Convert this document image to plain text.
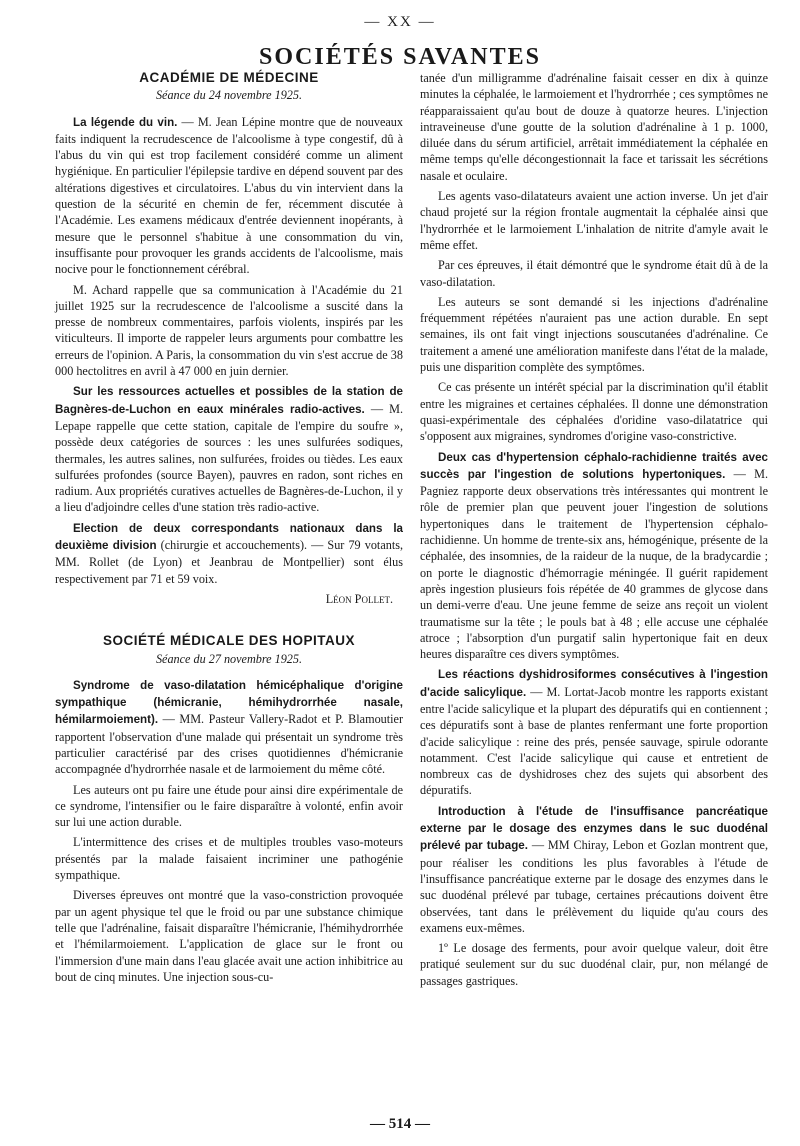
— XX —
SOCIÉTÉS SAVANTES
ACADÉMIE DE MÉDECINE
Séance du 24 novembre 1925.

La légende du vin. — M. Jean Lépine montre que de nouveaux faits indiquent la recrudescence de l'alcoolisme à type congestif, dû à l'abus du vin qui est trop facilement considéré comme un aliment hygiénique. En particulier l'épilepsie tardive en dépend souvent par des altérations digestives et circulatoires. L'abus du vin intervient dans la question de la sécurité en chemin de fer, récemment discutée à l'Académie. Les examens médicaux d'entrée deviennent inopérants, à mesure que le personnel s'habitue à une consommation du vin, insuffisante pour provoquer les grands accidents de l'alcoolisme, mais nocive pour le fonctionnement cérébral.

M. Achard rappelle que sa communication à l'Académie du 21 juillet 1925 sur la recrudescence de l'alcoolisme a suscité dans la presse de nombreux commentaires, parfois violents, inspirés par les viticulteurs. Il importe de rappeler leurs arguments pour combattre les erreurs de l'opinion. A Paris, la consommation du vin s'est accrue de 38 000 hectolitres en avril à 47 000 en juin dernier.

Sur les ressources actuelles et possibles de la station de Bagnères-de-Luchon en eaux minérales radio-actives. — M. Lepape rappelle que cette station, capitale de l'empire du soufre », possède deux catégories de sources : les unes sulfurées sodiques, thermales, les autres salines, non sulfurées, froides ou tièdes. Les eaux sulfurées profondes (source Bayen), pauvres en radon, sont riches en radium. Aux propriétés curatives actuelles de Bagnères-de-Luchon, il y a lieu d'adjoindre celles d'une station très radio-active.

Election de deux correspondants nationaux dans la deuxième division (chirurgie et accouchements). — Sur 79 votants, MM. Rollet (de Lyon) et Jeanbrau de Montpellier) sont élus respectivement par 71 et 59 voix.

Léon Pollet.
SOCIÉTÉ MÉDICALE DES HOPITAUX
Séance du 27 novembre 1925.

Syndrome de vaso-dilatation hémicéphalique d'origine sympathique (hémicranie, hémihydrorrhée nasale, hémilarmoiement). — MM. Pasteur Vallery-Radot et P. Blamoutier rapportent l'observation d'une malade qui présentait un syndrome très particulier caractérisé par des crises quotidiennes d'hémicranie accompagnée d'hydrorrhée nasale et de larmoiement du même côté.

Les auteurs ont pu faire une étude pour ainsi dire expérimentale de ce syndrome, l'intensifier ou le faire disparaître à volonté, enfin avoir sur lui une action durable.

L'intermittence des crises et de multiples troubles vaso-moteurs présentés par la malade faisaient incriminer une pathogénie sympathique.

Diverses épreuves ont montré que la vaso-constriction provoquée par un agent physique tel que le froid ou par une substance chimique telle que l'adrénaline, faisait disparaître l'hémicranie, l'hémihydrorrhée et l'hémilarmoiement. L'application de glace sur le front ou l'immersion d'une main dans l'eau glacée avait une action inhibitrice au bout de cinq minutes. Une injection sous-cu-

tanée d'un milligramme d'adrénaline faisait cesser en dix à quinze minutes la céphalée, le larmoiement et l'hydrorrhée ; ces symptômes ne réapparaissaient qu'au bout de douze à quatorze heures. L'injection intraveineuse d'une goutte de la solution d'adrénaline à 1 p. 1000, diluée dans du sérum artificiel, arrêtait immédiatement la céphalée en même temps qu'elle décongestionnait la face et tarissait les sécrétions nasale et oculaire.

Les agents vaso-dilatateurs avaient une action inverse. Un jet d'air chaud projeté sur la région frontale augmentait la céphalée ainsi que l'hydrorrhée et le larmoiement L'inhalation de nitrite d'amyle avait le même effet.

Par ces épreuves, il était démontré que le syndrome était dû à de la vaso-dilatation.

Les auteurs se sont demandé si les injections d'adrénaline fréquemment répétées n'auraient pas une action durable. En sept semaines, ils ont fait vingt injections souscutanées d'adrénaline. Ce traitement a amené une amélioration manifeste dans l'état de la malade, puis une disparition complète des symptômes.

Ce cas présente un intérêt spécial par la discrimination qu'il établit entre les migraines et certaines céphalées. Il donne une démonstration quasi-expérimentale des céphalées d'oridine vaso-dilatatrice qui s'opposent aux migraines, syndromes d'origine vaso-constrictive.

Deux cas d'hypertension céphalo-rachidienne traités avec succès par l'ingestion de solutions hypertoniques. — M. Pagniez rapporte deux observations très intéressantes qui montrent le rôle de premier plan que peuvent jouer l'ingestion de solutions hypertoniques dans le traitement de l'hypertension céphalo-rachidienne. Un homme de trente-six ans, hémogénique, présente de la céphalée, des insomnies, de la raideur de la nuque, de la bradycardie ; on porte le diagnostic d'hémorragie méningée. Il guérit rapidement après ingestion plusieurs fois répétée de 40 grammes de glycose dans un demi-verre d'eau. Une jeune femme de seize ans reçoit un violent traumatisme sur la tête ; le pouls bat à 48 ; elle accuse une céphalée atroce ; l'absorption d'un purgatif salin hypertonique fait en deux heures disparaître ces divers symptômes.

Les réactions dyshidrosiformes consécutives à l'ingestion d'acide salicylique. — M. Lortat-Jacob montre les rapports existant entre l'acide salicylique et la plupart des dépuratifs qui en contiennent ; ces dépuratifs sont à base de plantes renfermant une forte proportion d'acide salicylique : reine des prés, pensée sauvage, spirule odorante notamment. C'est l'acide salicylique qui cause et entretient de nombreux cas de dyshidroses chez des sujets qui absorbent des dépuratifs.

Introduction à l'étude de l'insuffisance pancréatique externe par le dosage des enzymes dans le suc duodénal prélevé par tubage. — MM Chiray, Lebon et Gozlan montrent que, pour réaliser les conditions les plus favorables à l'étude de l'insuffisance pancréatique externe par le dosage des enzymes dans le suc duodénal prélevé par tubage, certaines précautions doivent être observées, tant dans le prélèvement du liquide qu'au cours des examens eux-mêmes.

1º Le dosage des ferments, pour avoir quelque valeur, doit être pratiqué seulement sur du suc duodénal clair, pur, non mélangé de passages gastriques.

— 514 —
